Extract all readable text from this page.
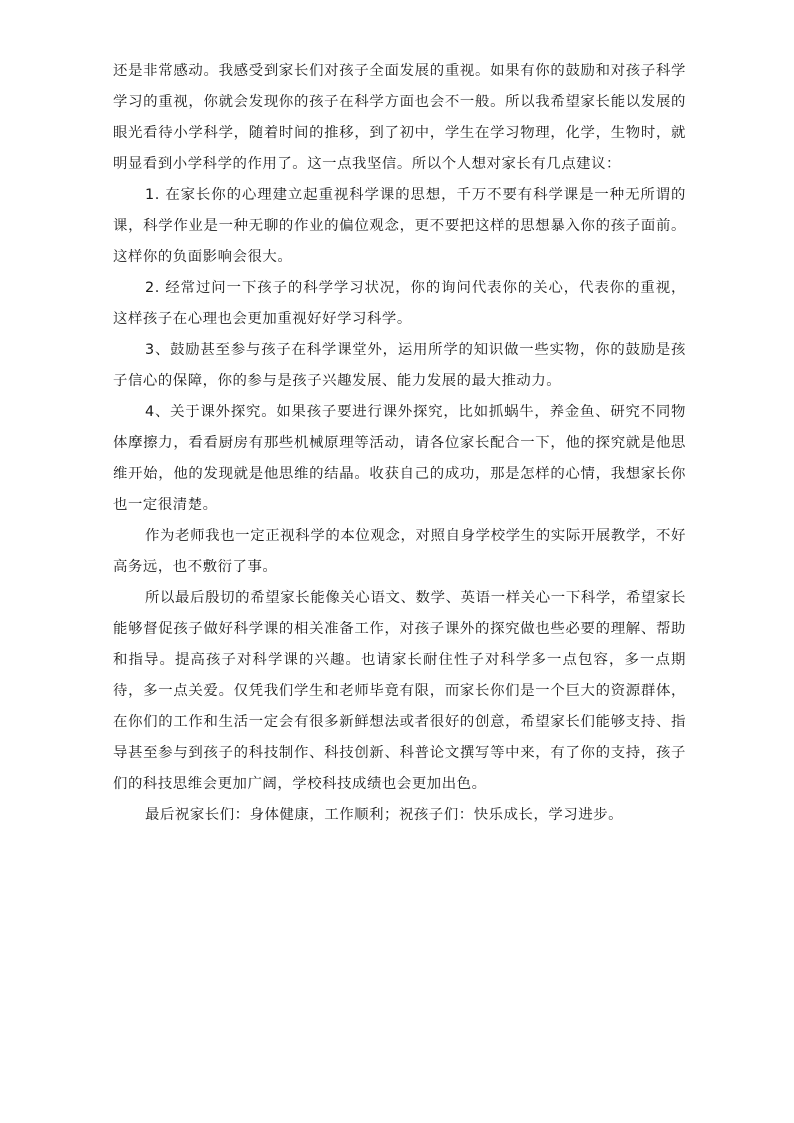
还是非常感动。我感受到家长们对孩子全面发展的重视。如果有你的鼓励和对孩子科学学习的重视，你就会发现你的孩子在科学方面也会不一般。所以我希望家长能以发展的眼光看待小学科学，随着时间的推移，到了初中，学生在学习物理，化学，生物时，就明显看到小学科学的作用了。这一点我坚信。所以个人想对家长有几点建议：

1. 在家长你的心理建立起重视科学课的思想，千万不要有科学课是一种无所谓的课，科学作业是一种无聊的作业的偏位观念，更不要把这样的思想暴入你的孩子面前。这样你的负面影响会很大。

2. 经常过问一下孩子的科学学习状况，你的询问代表你的关心，代表你的重视，这样孩子在心理也会更加重视好好学习科学。

3、鼓励甚至参与孩子在科学课堂外，运用所学的知识做一些实物，你的鼓励是孩子信心的保障，你的参与是孩子兴趣发展、能力发展的最大推动力。

4、关于课外探究。如果孩子要进行课外探究，比如抓蜗牛，养金鱼、研究不同物体摩擦力，看看厨房有那些机械原理等活动，请各位家长配合一下，他的探究就是他思维开始，他的发现就是他思维的结晶。收获自己的成功，那是怎样的心情，我想家长你也一定很清楚。

作为老师我也一定正视科学的本位观念，对照自身学校学生的实际开展教学，不好高务远，也不敷衍了事。

所以最后殷切的希望家长能像关心语文、数学、英语一样关心一下科学，希望家长能够督促孩子做好科学课的相关准备工作，对孩子课外的探究做也些必要的理解、帮助和指导。提高孩子对科学课的兴趣。也请家长耐住性子对科学多一点包容，多一点期待，多一点关爱。仅凭我们学生和老师毕竟有限，而家长你们是一个巨大的资源群体，在你们的工作和生活一定会有很多新鲜想法或者很好的创意，希望家长们能够支持、指导甚至参与到孩子的科技制作、科技创新、科普论文撰写等中来，有了你的支持，孩子们的科技思维会更加广阔，学校科技成绩也会更加出色。

最后祝家长们：身体健康，工作顺利；祝孩子们：快乐成长，学习进步。
